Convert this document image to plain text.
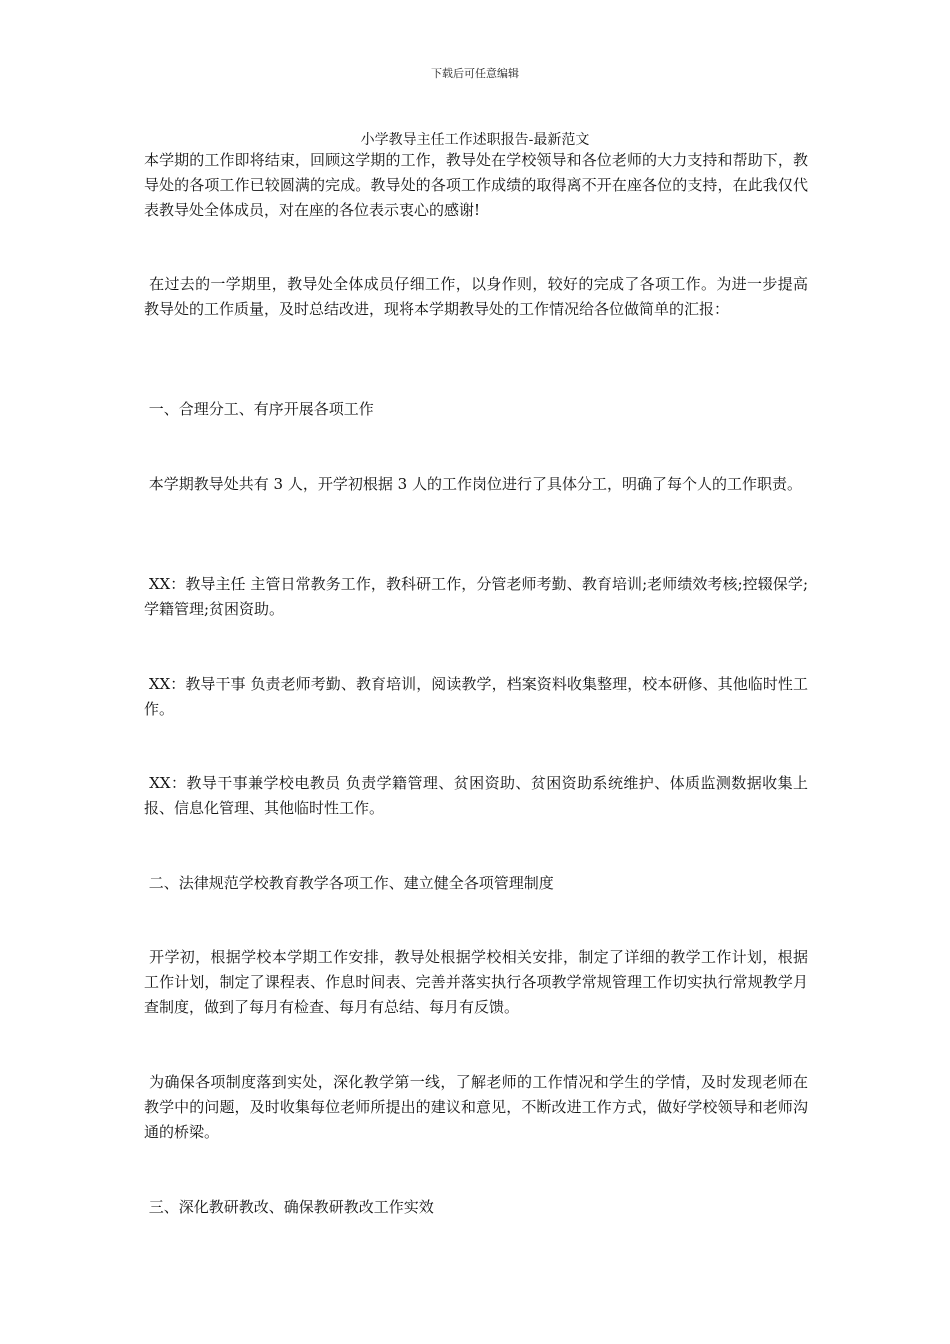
下载后可任意编辑
小学教导主任工作述职报告-最新范文

本学期的工作即将结束，回顾这学期的工作，教导处在学校领导和各位老师的大力支持和帮助下，教导处的各项工作已较圆满的完成。教导处的各项工作成绩的取得离不开在座各位的支持，在此我仅代表教导处全体成员，对在座的各位表示衷心的感谢!

在过去的一学期里，教导处全体成员仔细工作，以身作则，较好的完成了各项工作。为进一步提高教导处的工作质量，及时总结改进，现将本学期教导处的工作情况给各位做简单的汇报：

一、合理分工、有序开展各项工作

本学期教导处共有 3 人，开学初根据 3 人的工作岗位进行了具体分工，明确了每个人的工作职责。

XX：教导主任 主管日常教务工作，教科研工作，分管老师考勤、教育培训;老师绩效考核;控辍保学;学籍管理;贫困资助。

XX：教导干事 负责老师考勤、教育培训，阅读教学，档案资料收集整理，校本研修、其他临时性工作。

XX：教导干事兼学校电教员 负责学籍管理、贫困资助、贫困资助系统维护、体质监测数据收集上报、信息化管理、其他临时性工作。

二、法律规范学校教育教学各项工作、建立健全各项管理制度

开学初，根据学校本学期工作安排，教导处根据学校相关安排，制定了详细的教学工作计划，根据工作计划，制定了课程表、作息时间表、完善并落实执行各项教学常规管理工作切实执行常规教学月查制度，做到了每月有检查、每月有总结、每月有反馈。

为确保各项制度落到实处，深化教学第一线，了解老师的工作情况和学生的学情，及时发现老师在教学中的问题，及时收集每位老师所提出的建议和意见，不断改进工作方式，做好学校领导和老师沟通的桥梁。

三、深化教研教改、确保教研教改工作实效
